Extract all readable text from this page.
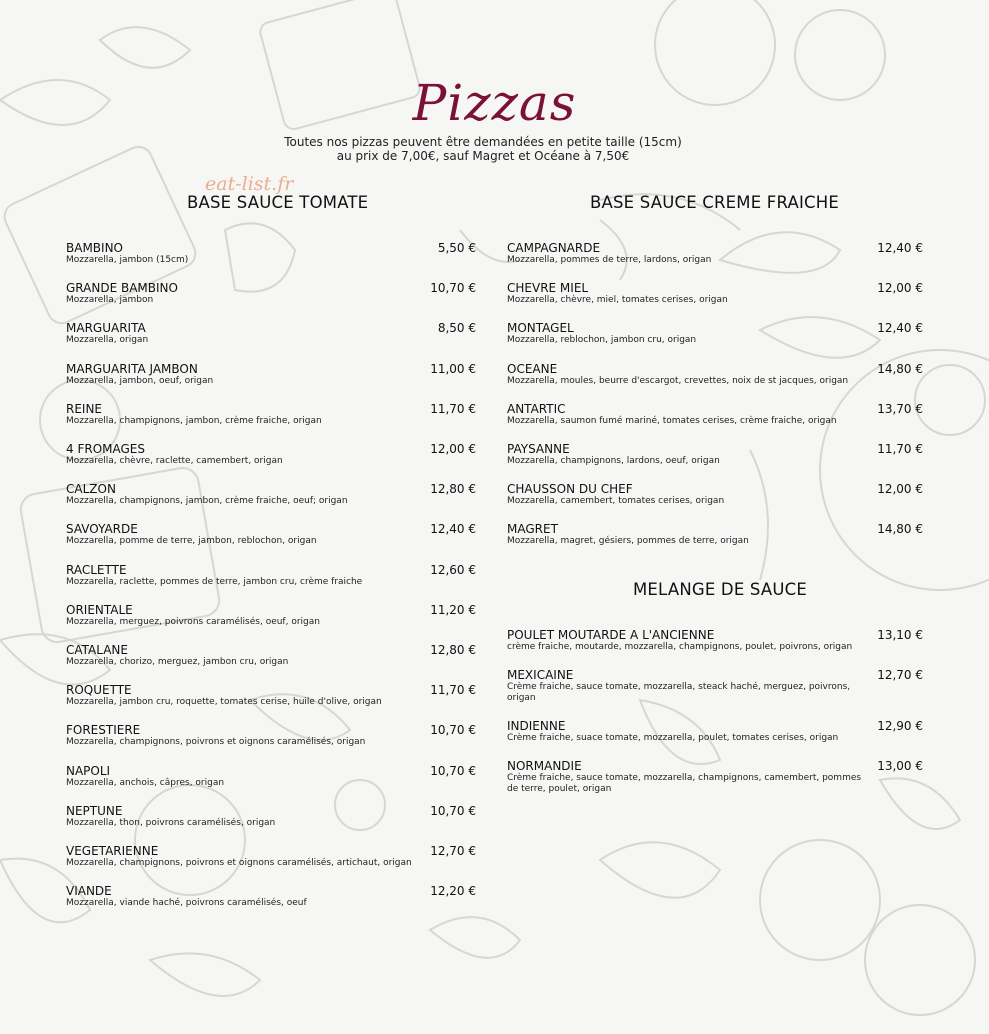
Pizzas
Toutes nos pizzas peuvent être demandées en petite taille (15cm)
au prix de 7,00€, sauf Magret et Océane à 7,50€
eat-list.fr
BASE SAUCE TOMATE	BASE SAUCE CREME FRAICHE
MELANGE DE SAUCE
BAMBINO
Mozzarella, jambon (15cm)
5,50 €
GRANDE BAMBINO
Mozzarella, jambon
10,70 €
MARGUARITA
Mozzarella, origan
8,50 €
MARGUARITA JAMBON
Mozzarella, jambon, oeuf, origan
11,00 €
REINE
Mozzarella, champignons, jambon, crème fraiche, origan
11,70 €
4 FROMAGES
Mozzarella, chèvre, raclette, camembert, origan
12,00 €
CALZON
Mozzarella, champignons, jambon, crème fraiche, oeuf; origan
12,80 €
SAVOYARDE
Mozzarella, pomme de terre, jambon, reblochon, origan
12,40 €
RACLETTE
Mozzarella, raclette, pommes de terre, jambon cru, crème fraiche
12,60 €
ORIENTALE
Mozzarella, merguez, poivrons caramélisés, oeuf, origan
11,20 €
CATALANE
Mozzarella, chorizo, merguez, jambon cru, origan
12,80 €
ROQUETTE
Mozzarella, jambon cru, roquette, tomates cerise, huile d'olive, origan
11,70 €
FORESTIERE
Mozzarella, champignons, poivrons et oignons caramélisés, origan
10,70 €
NAPOLI
Mozzarella, anchois, câpres, origan
10,70 €
NEPTUNE
Mozzarella, thon, poivrons caramélisés, origan
10,70 €
VEGETARIENNE
Mozzarella, champignons, poivrons et oignons caramélisés, artichaut, origan
12,70 €
VIANDE
Mozzarella, viande haché, poivrons caramélisés, oeuf
12,20 €
CAMPAGNARDE
Mozzarella, pommes de terre, lardons, origan
12,40 €
CHEVRE MIEL
Mozzarella, chèvre, miel, tomates cerises, origan
12,00 €
MONTAGEL
Mozzarella, reblochon, jambon cru, origan
12,40 €
OCEANE
Mozzarella, moules, beurre d'escargot, crevettes, noix de st jacques, origan
14,80 €
ANTARTIC
Mozzarella, saumon fumé mariné, tomates cerises, crème fraiche, origan
13,70 €
PAYSANNE
Mozzarella, champignons, lardons, oeuf, origan
11,70 €
CHAUSSON DU CHEF
Mozzarella, camembert, tomates cerises, origan
12,00 €
MAGRET
Mozzarella, magret, gésiers, pommes de terre, origan
14,80 €
POULET MOUTARDE A L'ANCIENNE
crème fraiche, moutarde, mozzarella, champignons, poulet, poivrons, origan
13,10 €
MEXICAINE
Crème fraiche, sauce tomate, mozzarella, steack haché, merguez, poivrons, origan
12,70 €
INDIENNE
Crème fraiche, suace tomate, mozzarella, poulet, tomates cerises, origan
12,90 €
NORMANDIE
Crème fraiche, sauce tomate, mozzarella, champignons, camembert, pommes de terre, poulet, origan
13,00 €
